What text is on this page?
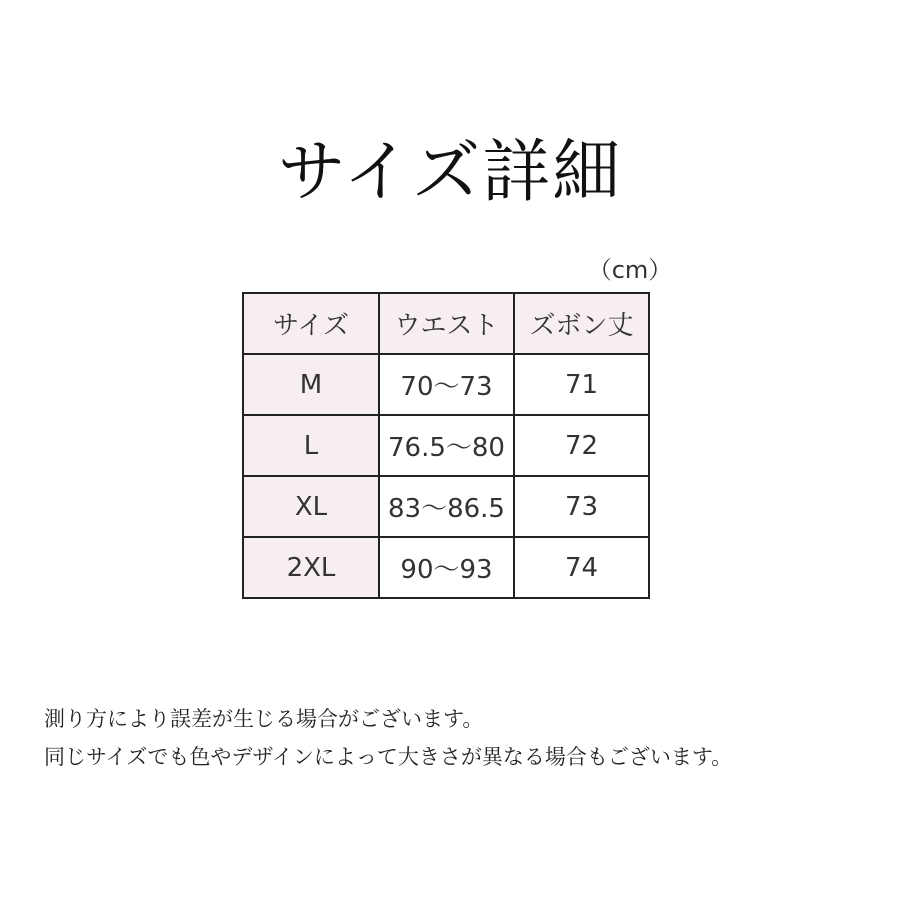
サイズ詳細
（cm）
サイズ	ウエスト	ズボン丈
M	70～73	71
L	76.5～80	72
XL	83～86.5	73
2XL	90～93	74
測り方により誤差が生じる場合がございます。
同じサイズでも色やデザインによって大きさが異なる場合もございます。
